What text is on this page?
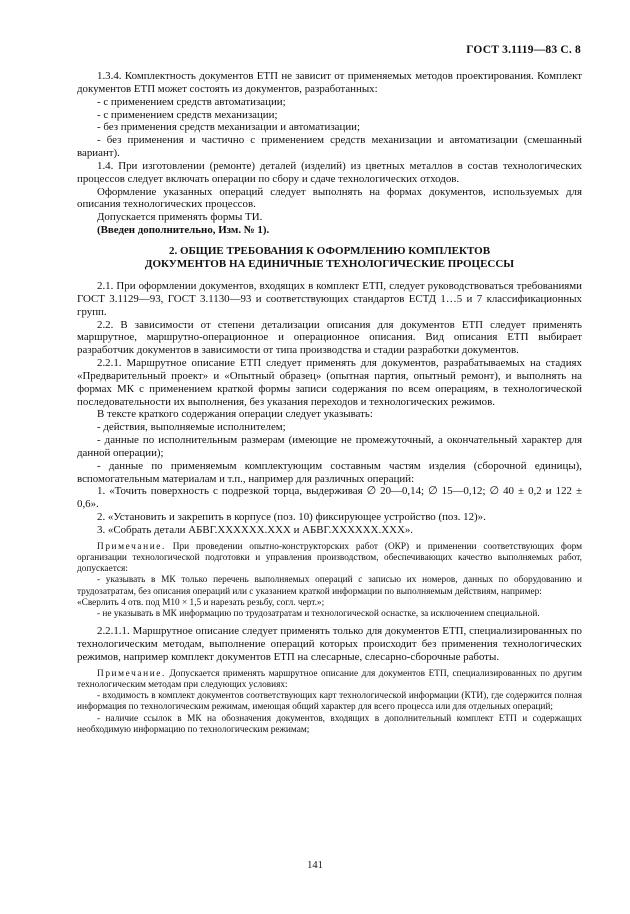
ГОСТ 3.1119—83 С. 8

1.3.4. Комплектность документов ЕТП не зависит от применяемых методов проектирования. Комплект документов ЕТП может состоять из документов, разработанных:

- с применением средств автоматизации;

- с применением средств механизации;

- без применения средств механизации и автоматизации;

- без применения и частично с применением средств механизации и автоматизации (смешанный вариант).

1.4. При изготовлении (ремонте) деталей (изделий) из цветных металлов в состав технологических процессов следует включать операции по сбору и сдаче технологических отходов.

Оформление указанных операций следует выполнять на формах документов, используемых для описания технологических процессов.

Допускается применять формы ТИ.

(Введен дополнительно, Изм. № 1).

2. ОБЩИЕ ТРЕБОВАНИЯ К ОФОРМЛЕНИЮ КОМПЛЕКТОВ
ДОКУМЕНТОВ НА ЕДИНИЧНЫЕ ТЕХНОЛОГИЧЕСКИЕ ПРОЦЕССЫ

2.1. При оформлении документов, входящих в комплект ЕТП, следует руководствоваться требованиями ГОСТ 3.1129—93, ГОСТ 3.1130—93 и соответствующих стандартов ЕСТД 1…5 и 7 классификационных групп.

2.2. В зависимости от степени детализации описания для документов ЕТП следует применять маршрутное, маршрутно-операционное и операционное описания. Вид описания ЕТП выбирает разработчик документов в зависимости от типа производства и стадии разработки документов.

2.2.1. Маршрутное описание ЕТП следует применять для документов, разрабатываемых на стадиях «Предварительный проект» и «Опытный образец» (опытная партия, опытный ремонт), и выполнять на формах МК с применением краткой формы записи содержания по всем операциям, в технологической последовательности их выполнения, без указания переходов и технологических режимов.

В тексте краткого содержания операции следует указывать:

- действия, выполняемые исполнителем;

- данные по исполнительным размерам (имеющие не промежуточный, а окончательный характер для данной операции);

- данные по применяемым комплектующим составным частям изделия (сборочной единицы), вспомогательным материалам и т.п., например для различных операций:

1. «Точить поверхность с подрезкой торца, выдерживая ∅ 20—0,14; ∅ 15—0,12; ∅ 40 ± 0,2 и 122 ± 0,6».

2. «Установить и закрепить в корпусе (поз. 10) фиксирующее устройство (поз. 12)».

3. «Собрать детали АБВГ.XXXXXX.XXX и АБВГ.XXXXXX.XXX».

Примечание. При проведении опытно-конструкторских работ (ОКР) и применении соответствующих форм организации технологической подготовки и управления производством, обеспечивающих качество выполняемых работ, допускается:

- указывать в МК только перечень выполняемых операций с записью их номеров, данных по оборудованию и трудозатратам, без описания операций или с указанием краткой информации по выполняемым действиям, например:

«Сверлить 4 отв. под М10 × 1,5 и нарезать резьбу, согл. черт.»;

- не указывать в МК информацию по трудозатратам и технологической оснастке, за исключением специальной.

2.2.1.1. Маршрутное описание следует применять только для документов ЕТП, специализированных по технологическим методам, выполнение операций которых происходит без применения технологических режимов, например комплект документов ЕТП на слесарные, слесарно-сборочные работы.

Примечание. Допускается применять маршрутное описание для документов ЕТП, специализированных по другим технологическим методам при следующих условиях:

- входимость в комплект документов соответствующих карт технологической информации (КТИ), где содержится полная информация по технологическим режимам, имеющая общий характер для всего процесса или для отдельных операций;

- наличие ссылок в МК на обозначения документов, входящих в дополнительный комплект ЕТП и содержащих необходимую информацию по технологическим режимам;

141
